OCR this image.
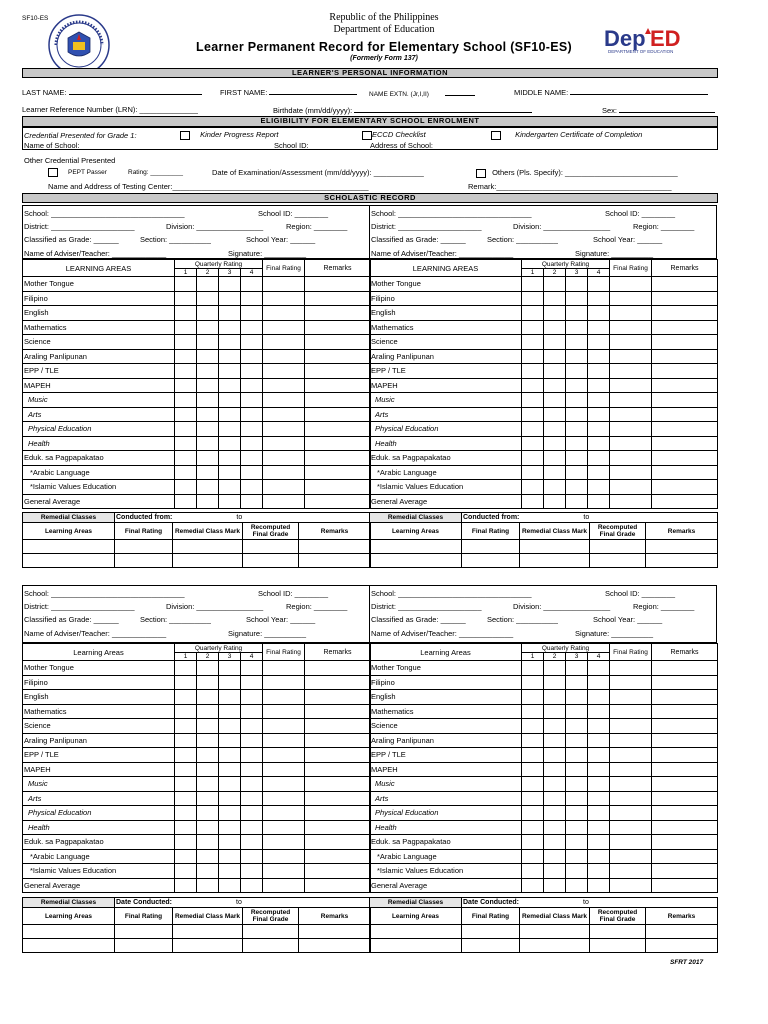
SF10-ES	Republic of the Philippines
Department of Education
Learner Permanent Record for Elementary School (SF10-ES)
(Formerly Form 137)
Dep ED
DEPARTMENT OF EDUCATION
LEARNER'S PERSONAL INFORMATION
LAST NAME:	FIRST NAME:	NAME EXTN. (Jr,I,II)	MIDDLE NAME:
Learner Reference Number (LRN): ______________	Birthdate (mm/dd/yyyy):	Sex:
ELIGIBILITY FOR ELEMENTARY SCHOOL ENROLMENT
Credential Presented for Grade 1:	Kinder Progress Report	ECCD Checklist	Kindergarten Certificate of Completion
Name of School:	School ID:	Address of School:
Other Credential Presented
PEPT Passer	Rating: _________	Date of Examination/Assessment (mm/dd/yyyy): ____________	Others (Pls. Specify): ___________________________
Name and Address of Testing Center:_______________________________________________	Remark:__________________________________________
SCHOLASTIC RECORD
School: ________________________________	School ID: ________
District: ____________________	Division: ________________	Region: ________
Classified as Grade: ______	Section: __________	School Year: ______
Name of Adviser/Teacher: _____________	Signature: __________
LEARNING AREAS	Quarterly Rating				Final Rating	Remarks
	1	2	3	4		
Mother Tongue						
Filipino						
English						
Mathematics						
Science						
Araling Panlipunan						
EPP / TLE						
MAPEH						
Music						
Arts						
Physical Education						
Health						
Eduk. sa Pagpapakatao						
*Arabic Language						
*Islamic Values Education						
General Average						
Remedial Classes	Conducted from: to			
Learning Areas	Final Rating	Remedial Class Mark	Recomputed Final Grade	Remarks

School: ________________________________	School ID: ________
District: ____________________	Division: ________________	Region: ________
Classified as Grade: ______	Section: __________	School Year: ______
Name of Adviser/Teacher: _____________	Signature: __________
LEARNING AREAS	Quarterly Rating				Final Rating	Remarks
	1	2	3	4		
Mother Tongue						
Filipino						
English						
Mathematics						
Science						
Araling Panlipunan						
EPP / TLE						
MAPEH						
Music						
Arts						
Physical Education						
Health						
Eduk. sa Pagpapakatao						
*Arabic Language						
*Islamic Values Education						
General Average						
Remedial Classes	Conducted from: to			
Learning Areas	Final Rating	Remedial Class Mark	Recomputed Final Grade	Remarks

School: ________________________________	School ID: ________
District: ____________________	Division: ________________	Region: ________
Classified as Grade: ______	Section: __________	School Year: ______
Name of Adviser/Teacher: _____________	Signature: __________
Learning Areas	Quarterly Rating				Final Rating	Remarks
	1	2	3	4		
Mother Tongue						
Filipino						
English						
Mathematics						
Science						
Araling Panlipunan						
EPP / TLE						
MAPEH						
Music						
Arts						
Physical Education						
Health						
Eduk. sa Pagpapakatao						
*Arabic Language						
*Islamic Values Education						
General Average						
Remedial Classes	Date Conducted: to			
Learning Areas	Final Rating	Remedial Class Mark	Recomputed Final Grade	Remarks

School: ________________________________	School ID: ________
District: ____________________	Division: ________________	Region: ________
Classified as Grade: ______	Section: __________	School Year: ______
Name of Adviser/Teacher: _____________	Signature: __________
Learning Areas	Quarterly Rating				Final Rating	Remarks
	1	2	3	4		
Mother Tongue						
Filipino						
English						
Mathematics						
Science						
Araling Panlipunan						
EPP / TLE						
MAPEH						
Music						
Arts						
Physical Education						
Health						
Eduk. sa Pagpapakatao						
*Arabic Language						
*Islamic Values Education						
General Average						
Remedial Classes	Date Conducted: to			
Learning Areas	Final Rating	Remedial Class Mark	Recomputed Final Grade	Remarks

SFRT 2017
